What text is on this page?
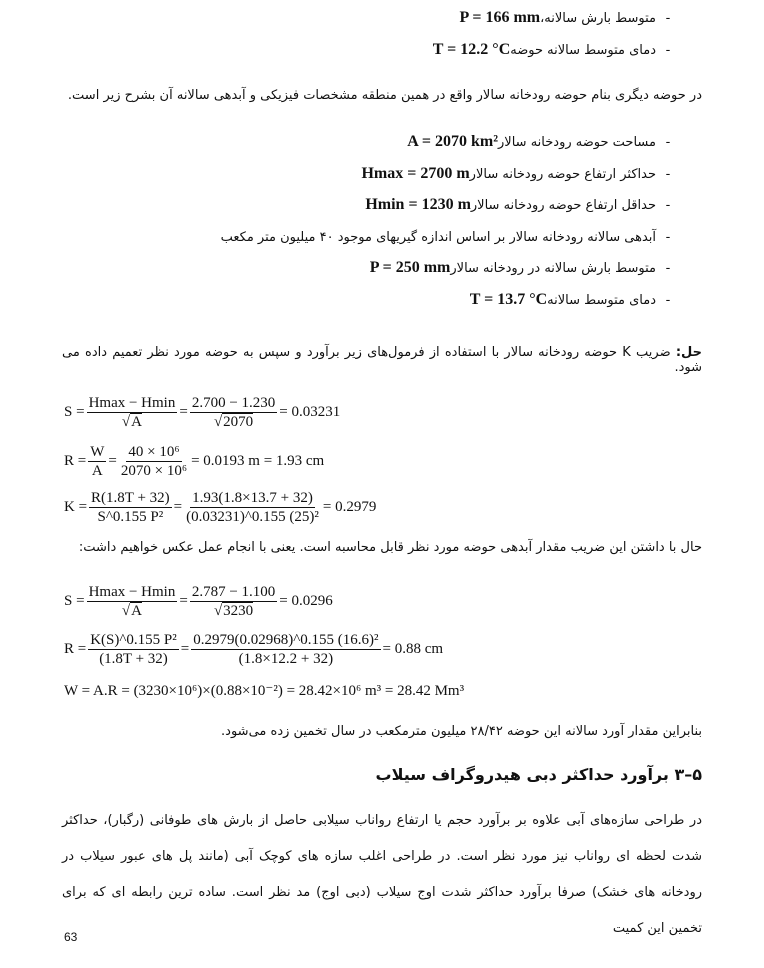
-متوسط بارش سالانه،P = 166 mm
-دمای متوسط سالانه حوضهT = 12.2 °C
در حوضه دیگری بنام حوضه رودخانه سالار واقع در همین منطقه مشخصات فیزیکی و آبدهی سالانه آن بشرح زیر است.
-مساحت حوضه رودخانه سالارA = 2070 km²
-حداکثر ارتفاع حوضه رودخانه سالارHmax = 2700 m
-حداقل ارتفاع حوضه رودخانه سالارHmin = 1230 m
-آبدهی سالانه رودخانه سالار بر اساس اندازه گیریهای موجود ۴۰ میلیون متر مکعب
-متوسط بارش سالانه در رودخانه سالارP = 250 mm
-دمای متوسط سالانهT = 13.7 °C
حل: ضریب K حوضه رودخانه سالار با استفاده از فرمول‌های زیر برآورد و سپس به حوضه مورد نظر تعمیم داده می شود.
$S = \frac{Hmax - Hmin}{√A} = \frac{2.700 - 1.230}{√2070} = 0.03231$
$R = \frac{W}{A} = \frac{\text{40 × 10⁶}}{\text{2070 × 10⁶}} = 0.0193$ m = 1.93 cm
$K = \frac{R(1.8T + 32)}{\text{S\textasciicircum{}0.155 P²}} = \frac{1.93(1.8\times 13.7 + 32)}{\text{(0.03231)\textasciicircum{}0.155 (25)²}} = 0.2979$
حال با داشتن این ضریب مقدار آبدهی حوضه مورد نظر قابل محاسبه است. یعنی با انجام عمل عکس خواهیم داشت:
$S = \frac{Hmax - Hmin}{√A} = \frac{2.787 - 1.100}{√3230} = 0.0296$
$R = \frac{\text{K(S)\textasciicircum{}0.155 P²}}{(1.8T + 32)} = \frac{\text{0.2979(0.02968)\textasciicircum{}0.155 (16.6)²}}{(1.8\times 12.2 + 32)} = 0.88$ cm
W = A.R = (3230×10⁶)×(0.88×10⁻²) = 28.42×10⁶ m³ = 28.42 Mm³
بنابراین مقدار آورد سالانه این حوضه ۲۸/۴۲ میلیون مترمکعب در سال تخمین زده می‌شود.
۵–۳ برآورد حداکثر دبی هیدروگراف سیلاب
در طراحی سازه‌های آبی علاوه بر برآورد حجم یا ارتفاع رواناب سیلابی حاصل از بارش های طوفانی (رگبار)، حداکثر شدت لحظه ای رواناب نیز مورد نظر است. در طراحی اغلب سازه های کوچک آبی (مانند پل های عبور سیلاب در رودخانه های خشک) صرفا برآورد حداکثر شدت اوج سیلاب (دبی اوج) مد نظر است. ساده ترین رابطه ای که برای تخمین این کمیت
63
